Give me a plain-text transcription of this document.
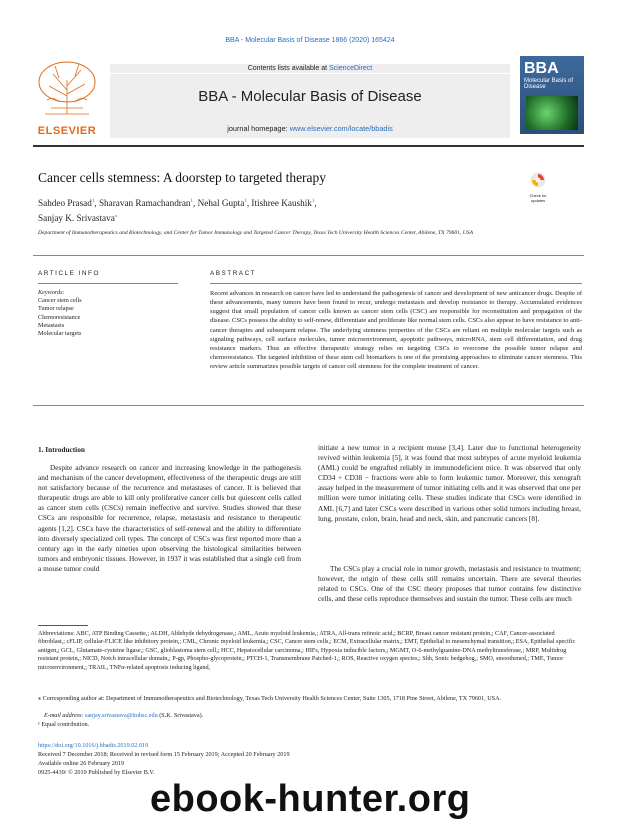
BBA - Molecular Basis of Disease 1866 (2020) 165424
ELSEVIER
Contents lists available at ScienceDirect
BBA - Molecular Basis of Disease
journal homepage: www.elsevier.com/locate/bbadis
BBA
Molecular Basis of
Disease
Cancer cells stemness: A doorstep to targeted therapy
Check for
updates
Sahdeo Prasad$^1$, Sharavan Ramachandran$^1$, Nehal Gupta$^1$, Itishree Kaushik$^1$,
Sanjay K. Srivastava⁎
Department of Immunotherapeutics and Biotechnology, and Center for Tumor Immunology and Targeted Cancer Therapy, Texas Tech University Health Sciences Center, Abilene, TX 79601, USA
ARTICLE INFO
Keywords:
Cancer stem cells
Tumor relapse
Chemoresistance
Metastasis
Molecular targets
ABSTRACT
Recent advances in research on cancer have led to understand the pathogenesis of cancer and development of new anticancer drugs. Despite of these advancements, many tumors have been found to recur, undergo metastasis and develop resistance to therapy. Accumulated evidences suggest that small population of cancer cells known as cancer stem cells (CSC) are responsible for reconstitution and propagation of the disease. CSCs possess the ability to self-renew, differentiate and proliferate like normal stem cells. CSCs also appear to have resistance to anti-cancer therapies and subsequent relapse. The underlying stemness properties of the CSCs are reliant on multiple molecular targets such as signaling pathways, cell surface molecules, tumor microenvironment, apoptotic pathways, microRNA, stem cell differentiation, and drug resistance markers. Thus an effective therapeutic strategy relies on targeting CSCs to overcome the possible tumor relapse and chemoresistance. The targeted inhibition of these stem cell biomarkers is one of the promising approaches to eliminate cancer stemness. This review article summarizes possible targets of cancer cell stemness for the complete treatment of cancer.
1. Introduction
Despite advance research on cancer and increasing knowledge in the pathogenesis and mechanism of the cancer development, effectiveness of the therapeutic drugs are still not satisfactory because of the recurrence and metastases of cancer. It is believed that therapeutic drugs are able to kill only proliferative cancer cells but quiescent cells called as cancer stem cells (CSCs) remain ineffective and survive. Studies showed that these CSCs are responsible for recurrence, relapse, metastasis and resistance to therapeutic agents [1,2]. CSCs have the characteristics of self-renewal and the ability to differentiate into diversely specialized cell types. The concept of CSCs was first reported more than a century ago in the early nineties upon observing the histological similarities between tumors and embryonic tissues. However, in 1937 it was established that a single cell from a mouse tumor could
initiate a new tumor in a recipient mouse [3,4]. Later due to functional heterogeneity revived within leukemia [5], it was found that most subtypes of acute myeloid leukemia (AML) could be engrafted reliably in immunodeficient mice. It was observed that only CD34 + CD38 − fractions were able to form leukemic tumor. Moreover, this xenograft assay helped in the measurement of tumor initiating cells and it was observed that one per million were tumor initiating cells. These studies indicate that CSCs were identified in AML [6,7] and later CSCs were described in various other solid tumors including breast, lung, prostate, colon, brain, head and neck, skin, and pancreatic cancers [8].
The CSCs play a crucial role in tumor growth, metastasis and resistance to treatment; however, the origin of these cells still remains uncertain. There are several theories related to CSCs. One of the CSC theory proposes that tumor contains few distinctive cells, and these cells reproduce themselves and sustain the tumor. These cells are much
Abbreviations: ABC, ATP Binding Cassette,; ALDH, Aldehyde dehydrogenase,; AML, Acute myeloid leukemia,; ATRA, All-trans retinoic acid,; BCRP, Breast cancer resistant protein,; CAF, Cancer-associated fibroblast,; cFLIP, cellular-FLICE like inhibitory protein,; CML, Chronic myeloid leukemia,; CSC, Cancer stem cells,; ECM, Extracellular matrix,; EMT, Epithelial to mesenchymal transition,; ESA, Epithelial specific antigen,; GCL, Glutamate-cysteine ligase,; GSC, glioblastoma stem cell,; HCC, Hepatocellular carcinoma,; HIFs, Hypoxia inducible factors,; MGMT, O-6-methylguanine-DNA methyltransferase,; MRP, Multidrug resistant protein,; NICD, Notch intracellular domain,; P-gp, Phospho-glycoprotein,; PTCH-1, Transmembrane Patched-1,; ROS, Reactive oxygen species,; Shh, Sonic hedgehog,; SMO, smoothened,; TME, Tumor microenvironment,; TRAIL, TNFα-related apoptosis inducing ligand,
⁎ Corresponding author at: Department of Immunotherapeutics and Biotechnology, Texas Tech University Health Sciences Center, Suite 1305, 1718 Pine Street, Abilene, TX 79601, USA.
E-mail address: sanjay.srivastava@ttuhsc.edu (S.K. Srivastava).
¹ Equal contribution.
https://doi.org/10.1016/j.bbadis.2019.02.019
Received 7 December 2018; Received in revised form 15 February 2019; Accepted 20 February 2019
Available online 26 February 2019
0925-4439/ © 2019 Published by Elsevier B.V.
ebook-hunter.org
